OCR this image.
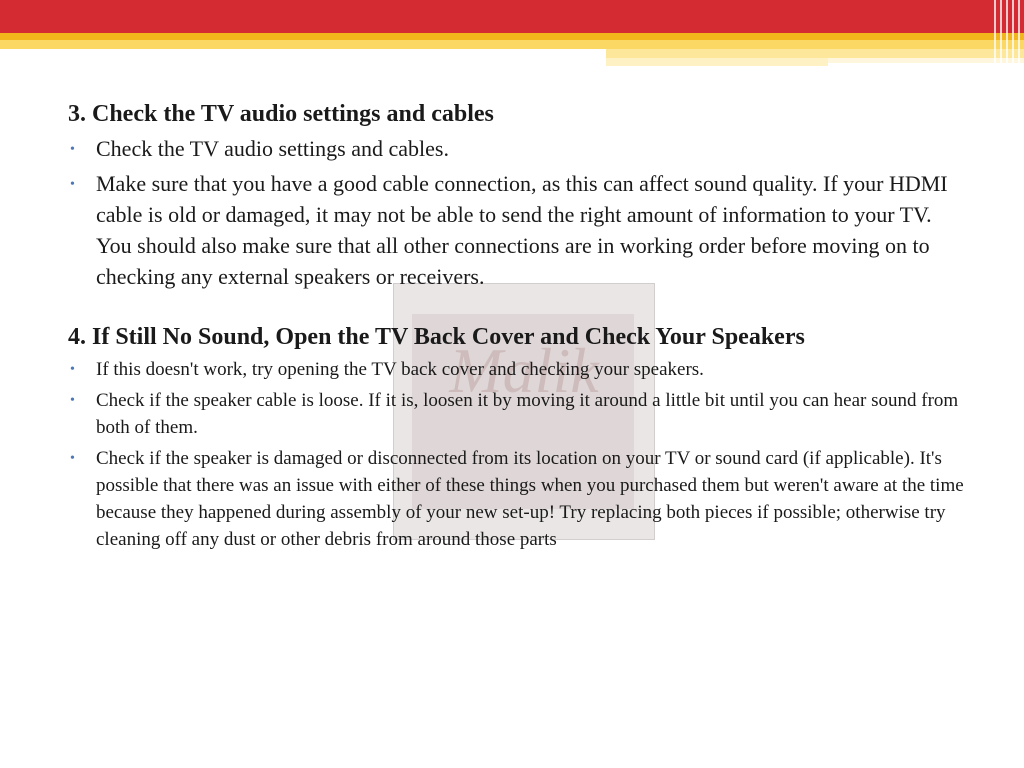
Malik
3. Check the TV audio settings and cables
• Check the TV audio settings and cables.
• Make sure that you have a good cable connection, as this can affect sound quality. If your HDMI cable is old or damaged, it may not be able to send the right amount of information to your TV. You should also make sure that all other connections are in working order before moving on to checking any external speakers or receivers.
4. If Still No Sound, Open the TV Back Cover and Check Your Speakers
• If this doesn't work, try opening the TV back cover and checking your speakers.
• Check if the speaker cable is loose. If it is, loosen it by moving it around a little bit until you can hear sound from both of them.
• Check if the speaker is damaged or disconnected from its location on your TV or sound card (if applicable). It's possible that there was an issue with either of these things when you purchased them but weren't aware at the time because they happened during assembly of your new set-up! Try replacing both pieces if possible; otherwise try cleaning off any dust or other debris from around those parts
